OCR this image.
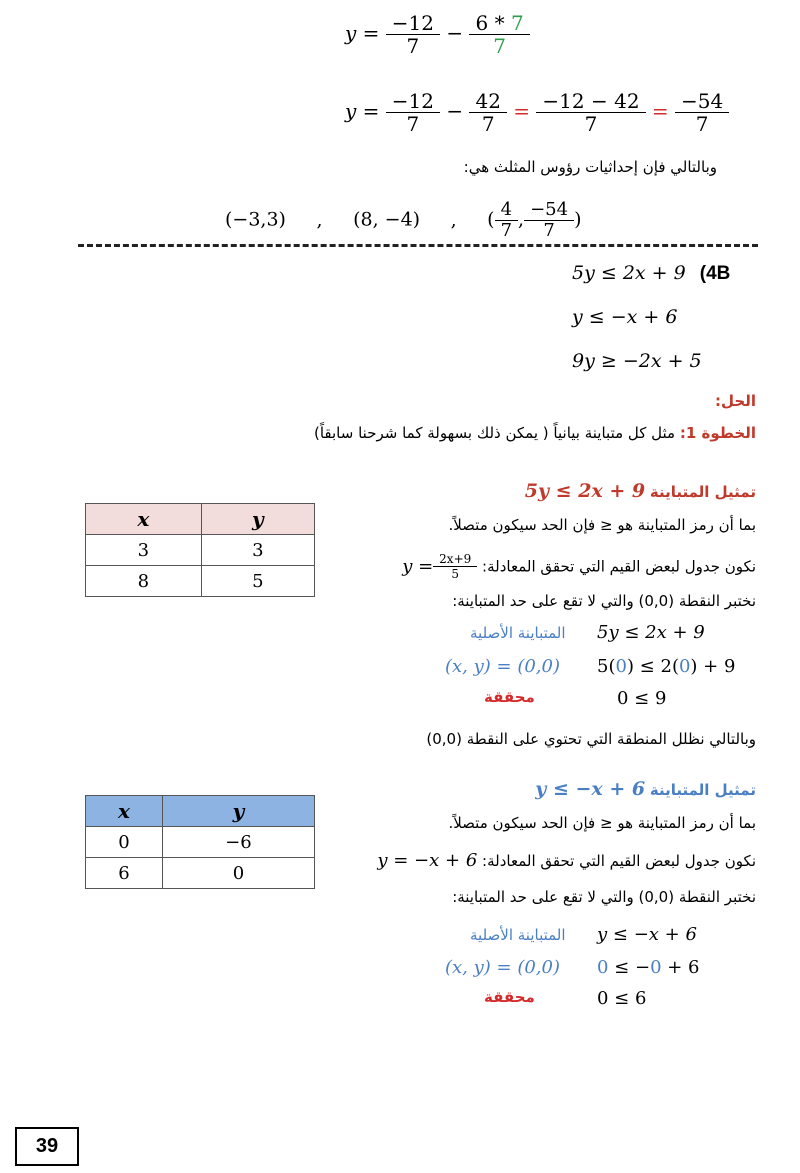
$y = \frac{-12}{7} - \frac{6 * 7}{7}$
$y = \frac{-12}{7} - \frac{42}{7} = \frac{-12 - 42}{7} = \frac{-54}{7}$
وبالتالي فإن إحداثيات رؤوس المثلث هي:
(−3,3) , (8, −4) , ( $\frac{4}{7}$ , $\frac{-54}{7}$ )
5y ≤ 2x + 9 (4B
y ≤ −x + 6
9y ≥ −2x + 5
الحل:
الخطوة 1: مثل كل متباينة بيانياً ( يمكن ذلك بسهولة كما شرحنا سابقاً)
تمثيل المتباينة 5y ≤ 2x + 9
x	y
3	3
8	5
بما أن رمز المتباينة هو ≤ فإن الحد سيكون متصلاً.
نكون جدول لبعض القيم التي تحقق المعادلة: $y = \frac{2x+9}{5}$
نختبر النقطة (0,0) والتي لا تقع على حد المتباينة:
المتباينة الأصلية 5y ≤ 2x + 9
(x, y) = (0,0) 5(0) ≤ 2(0) + 9
محققة	0 ≤ 9
وبالتالي نظلل المنطقة التي تحتوي على النقطة (0,0)
تمثيل المتباينة y ≤ −x + 6
x	y
0	−6
6	0
بما أن رمز المتباينة هو ≤ فإن الحد سيكون متصلاً.
نكون جدول لبعض القيم التي تحقق المعادلة: y = −x + 6
نختبر النقطة (0,0) والتي لا تقع على حد المتباينة:
المتباينة الأصلية y ≤ −x + 6
(x, y) = (0,0) 0 ≤ −0 + 6
محققة	0 ≤ 6
39
